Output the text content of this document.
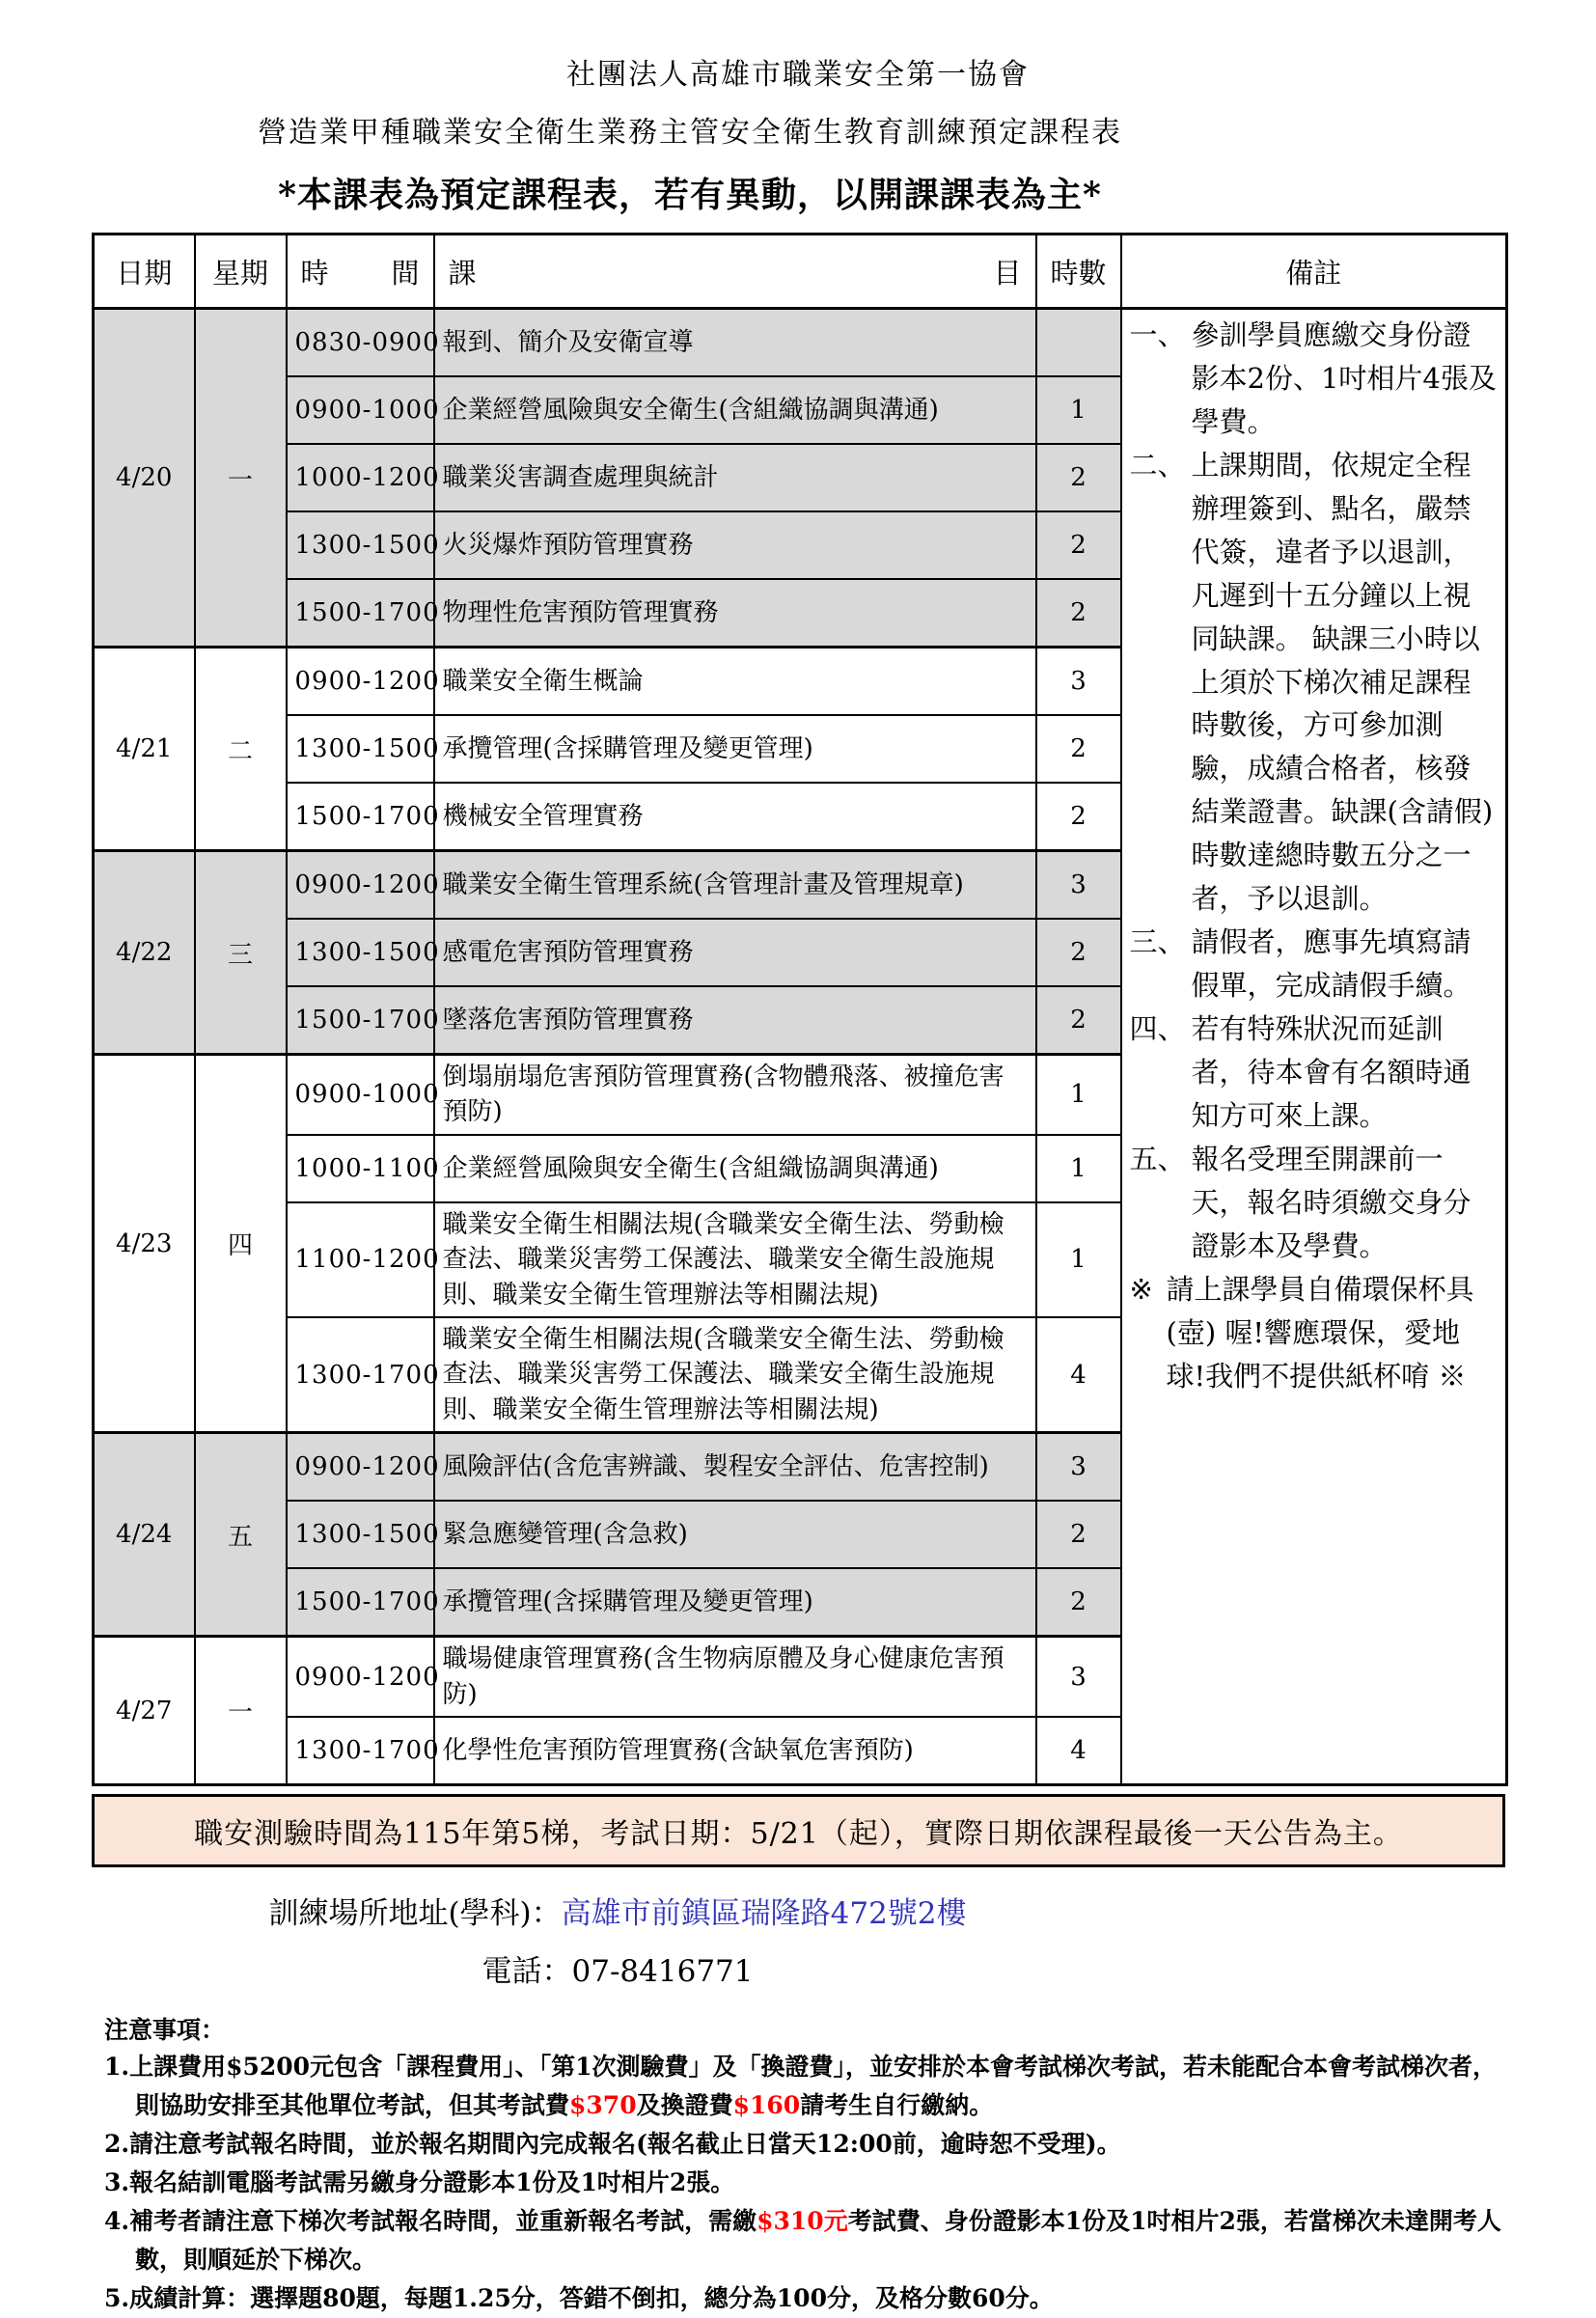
社團法人高雄市職業安全第一協會
營造業甲種職業安全衛生業務主管安全衛生教育訓練預定課程表
*本課表為預定課程表，若有異動，以開課課表為主*
日期	星期	時 間	課 目	時數	備註
4/20	一	0830-0900	報到、簡介及安衛宣導		一、 參訓學員應繳交身份證影本2份、1吋相片4張及學費。
二、 上課期間，依規定全程辦理簽到、點名，嚴禁代簽，違者予以退訓，凡遲到十五分鐘以上視同缺課。 缺課三小時以上須於下梯次補足課程時數後，方可參加測驗，成績合格者，核發結業證書。缺課(含請假)時數達總時數五分之一者，予以退訓。
三、 請假者，應事先填寫請假單，完成請假手續。
四、 若有特殊狀況而延訓者，待本會有名額時通知方可來上課。
五、 報名受理至開課前一天，報名時須繳交身分證影本及學費。
※ 請上課學員自備環保杯具(壺) 喔!響應環保，愛地球!我們不提供紙杯唷 ※

		0900-1000	企業經營風險與安全衛生(含組織協調與溝通)	1	
		1000-1200	職業災害調查處理與統計	2	
		1300-1500	火災爆炸預防管理實務	2	
		1500-1700	物理性危害預防管理實務	2	
4/21	二	0900-1200	職業安全衛生概論	3	
		1300-1500	承攬管理(含採購管理及變更管理)	2	
		1500-1700	機械安全管理實務	2	
4/22	三	0900-1200	職業安全衛生管理系統(含管理計畫及管理規章)	3	
		1300-1500	感電危害預防管理實務	2	
		1500-1700	墜落危害預防管理實務	2	
4/23	四	0900-1000	倒塌崩塌危害預防管理實務(含物體飛落、被撞危害預防)	1	
		1000-1100	企業經營風險與安全衛生(含組織協調與溝通)	1	
		1100-1200	職業安全衛生相關法規(含職業安全衛生法、勞動檢查法、職業災害勞工保護法、職業安全衛生設施規則、職業安全衛生管理辦法等相關法規)	1	
		1300-1700	職業安全衛生相關法規(含職業安全衛生法、勞動檢查法、職業災害勞工保護法、職業安全衛生設施規則、職業安全衛生管理辦法等相關法規)	4	
4/24	五	0900-1200	風險評估(含危害辨識、製程安全評估、危害控制)	3	
		1300-1500	緊急應變管理(含急救)	2	
		1500-1700	承攬管理(含採購管理及變更管理)	2	
4/27	一	0900-1200	職場健康管理實務(含生物病原體及身心健康危害預防)	3	
		1300-1700	化學性危害預防管理實務(含缺氧危害預防)	4	
職安測驗時間為115年第5梯，考試日期：5/21（起），實際日期依課程最後一天公告為主。
訓練場所地址(學科)：高雄市前鎮區瑞隆路472號2樓
電話：07-8416771
注意事項：
1.上課費用$5200元包含「課程費用」、「第1次測驗費」及「換證費」，並安排於本會考試梯次考試，若未能配合本會考試梯次者，則協助安排至其他單位考試，但其考試費$370及換證費$160請考生自行繳納。
2.請注意考試報名時間，並於報名期間內完成報名(報名截止日當天12:00前，逾時恕不受理)。
3.報名結訓電腦考試需另繳身分證影本1份及1吋相片2張。
4.補考者請注意下梯次考試報名時間，並重新報名考試，需繳$310元考試費、身份證影本1份及1吋相片2張，若當梯次未達開考人數，則順延於下梯次。
5.成績計算：選擇題80題，每題1.25分，答錯不倒扣，總分為100分，及格分數60分。
